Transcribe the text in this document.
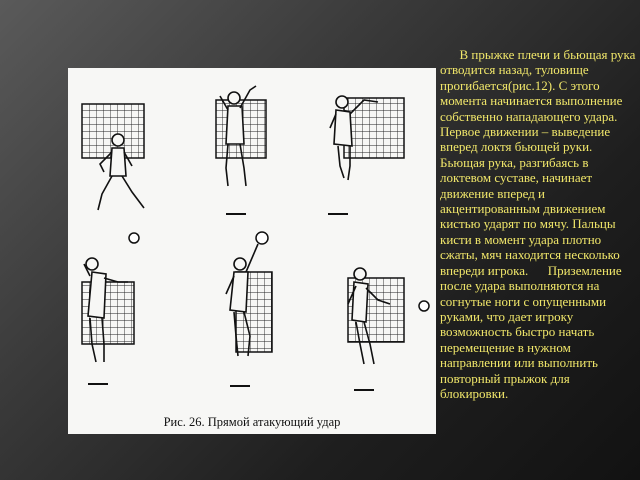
Рис. 26. Прямой атакующий удар
В прыжке плечи и бьющая рука отводится назад, туловище прогибается(рис.12). С этого момента начинается выполнение собственно нападающего удара. Первое движении – выведение вперед локтя бьющей руки. Бьющая рука, разгибаясь в локтевом суставе, начинает движение вперед и акцентированным движением кистью ударят по мячу. Пальцы кисти в момент удара плотно сжаты, мяч находится несколько впереди игрока.      Приземление после удара выполняются на согнутые ноги с опущенными руками, что дает игроку возможность быстро начать перемещение в нужном направлении или выполнить повторный прыжок для блокировки.
